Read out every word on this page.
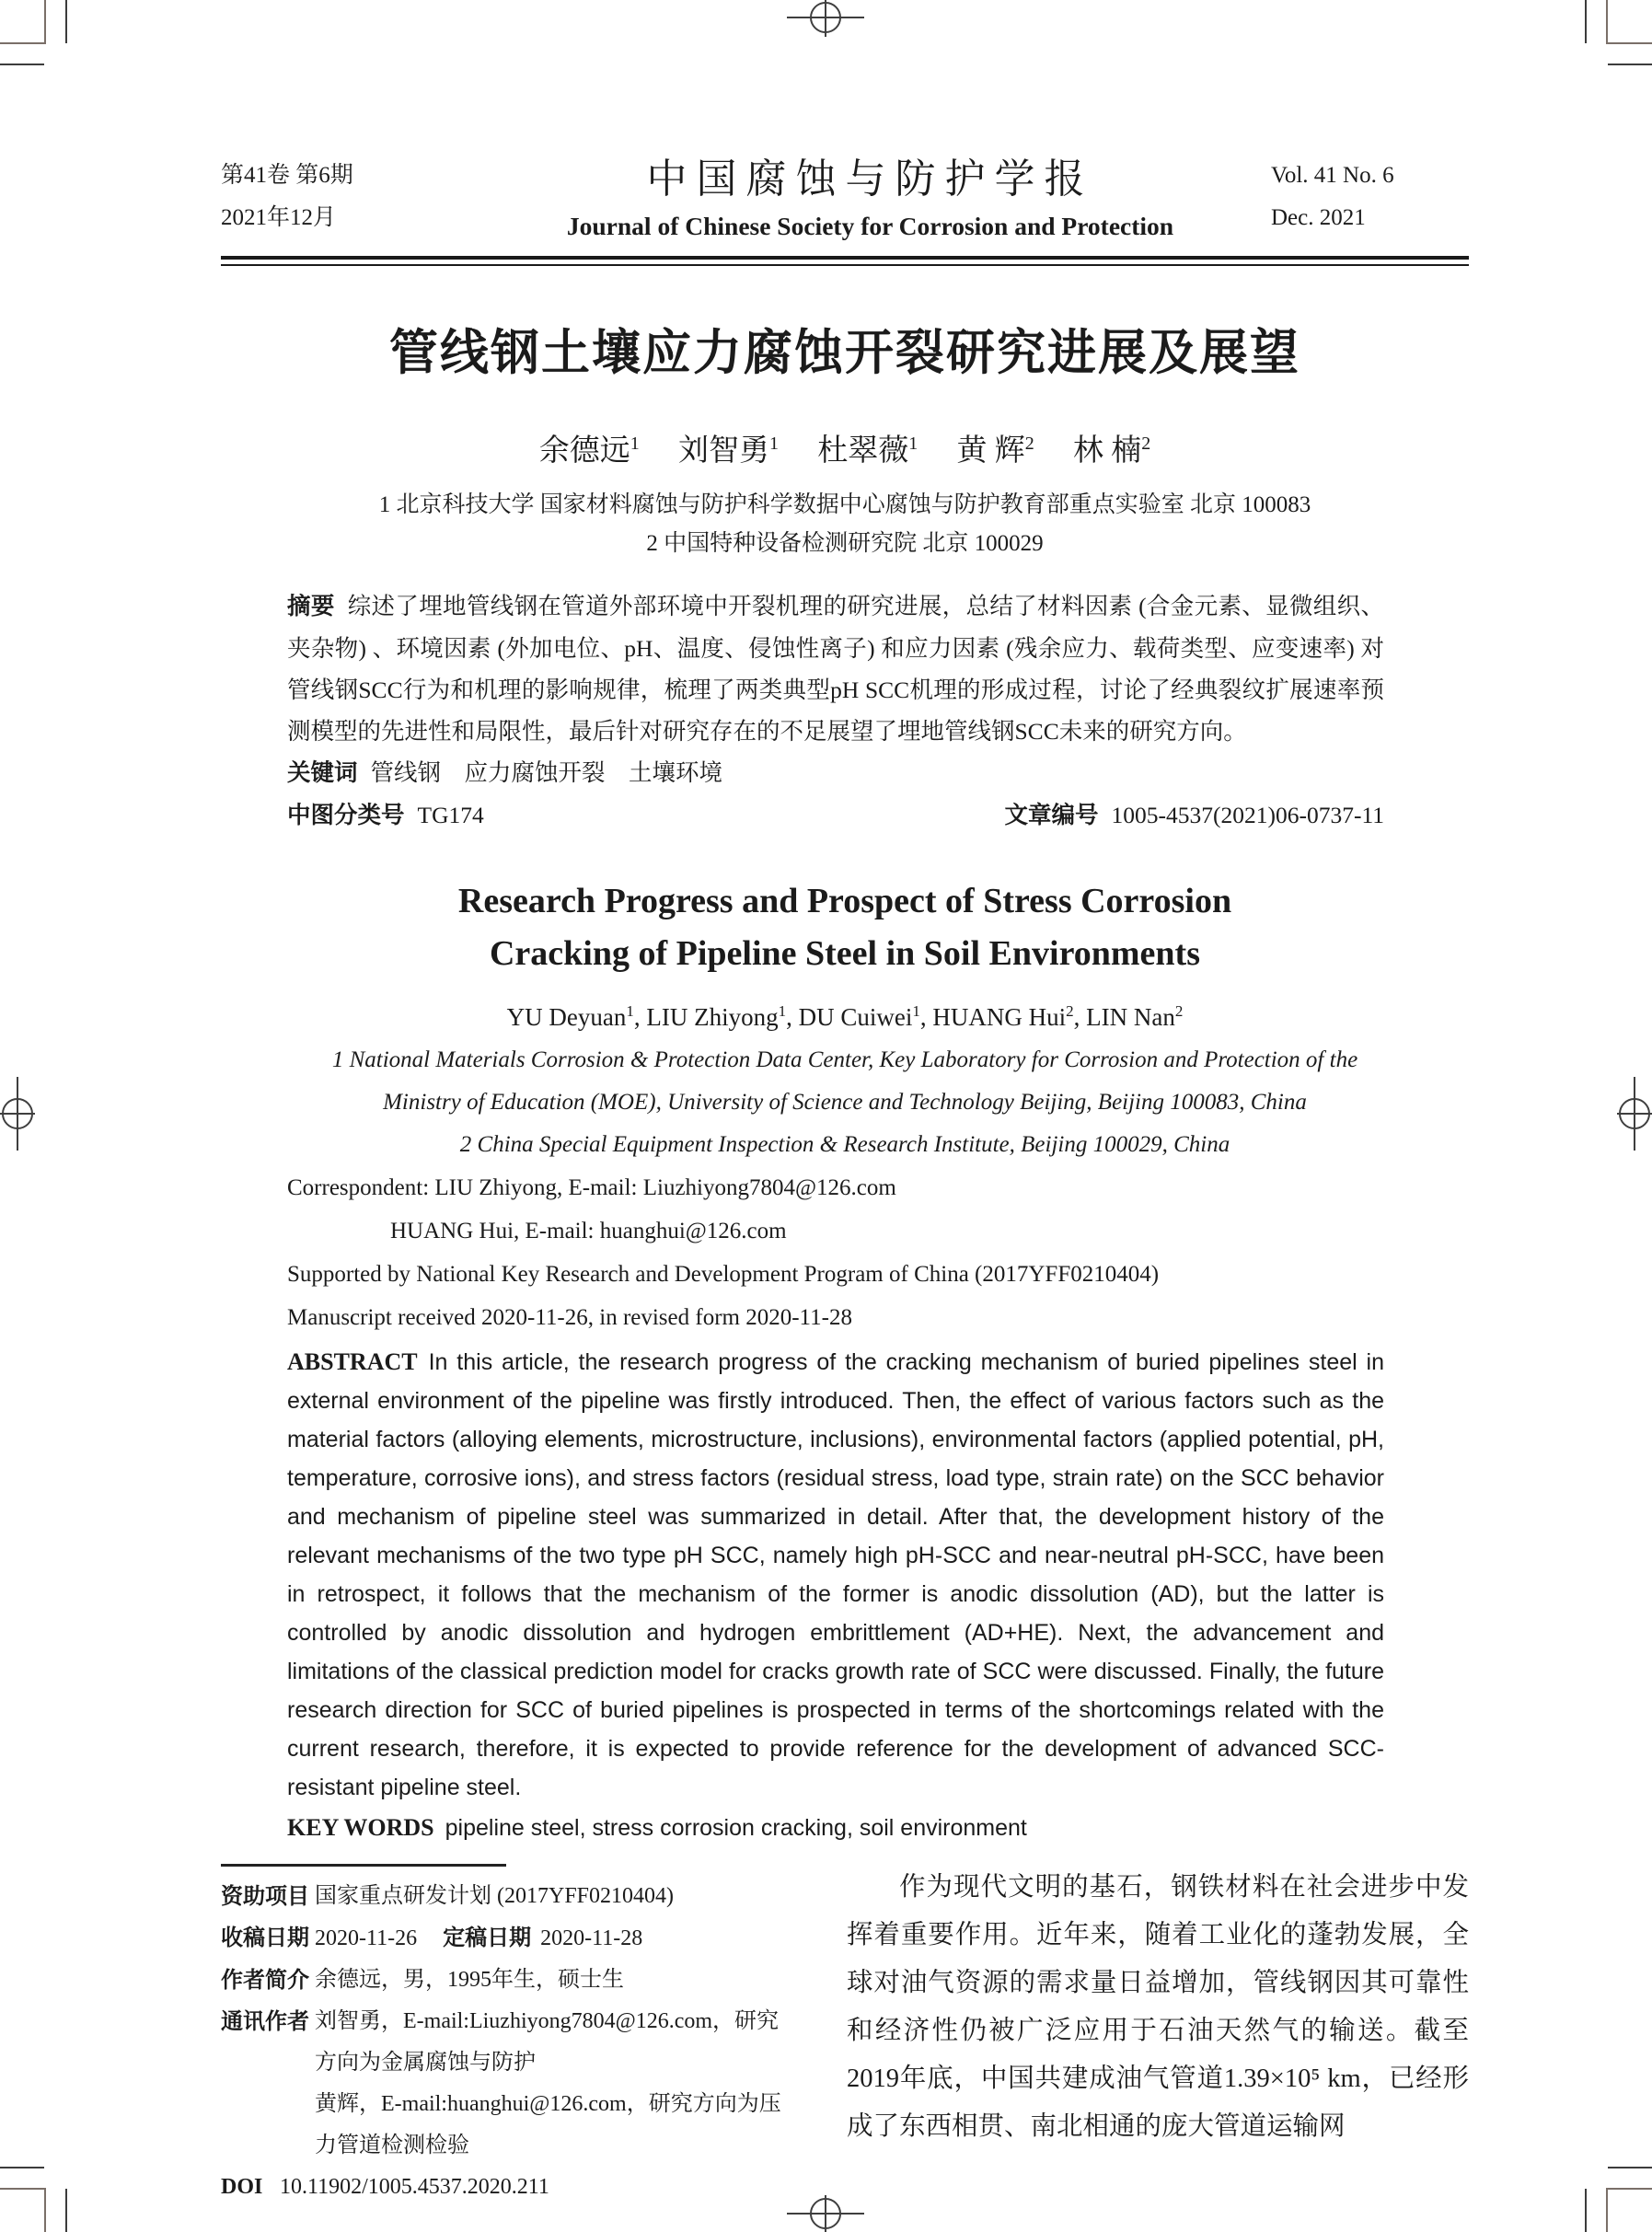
第41卷 第6期
2021年12月
中国腐蚀与防护学报
Journal of Chinese Society for Corrosion and Protection
Vol. 41 No. 6
Dec. 2021
管线钢土壤应力腐蚀开裂研究进展及展望
余德远$^1$ 刘智勇$^1$ 杜翠薇$^1$ 黄 辉$^2$ 林 楠$^2$
1 北京科技大学 国家材料腐蚀与防护科学数据中心腐蚀与防护教育部重点实验室 北京 100083
2 中国特种设备检测研究院 北京 100029

摘要 综述了埋地管线钢在管道外部环境中开裂机理的研究进展，总结了材料因素 (合金元素、显微组织、夹杂物) 、环境因素 (外加电位、pH、温度、侵蚀性离子) 和应力因素 (残余应力、载荷类型、应变速率) 对管线钢SCC行为和机理的影响规律，梳理了两类典型pH SCC机理的形成过程，讨论了经典裂纹扩展速率预测模型的先进性和局限性，最后针对研究存在的不足展望了埋地管线钢SCC未来的研究方向。

关键词 管线钢　应力腐蚀开裂　土壤环境

中图分类号 TG174	文章编号 1005-4537(2021)06-0737-11
Research Progress and Prospect of Stress Corrosion
Cracking of Pipeline Steel in Soil Environments
YU Deyuan$^1$, LIU Zhiyong$^1$, DU Cuiwei$^1$, HUANG Hui$^2$, LIN Nan$^2$
1 National Materials Corrosion & Protection Data Center, Key Laboratory for Corrosion and Protection of the
Ministry of Education (MOE), University of Science and Technology Beijing, Beijing 100083, China
2 China Special Equipment Inspection & Research Institute, Beijing 100029, China
Correspondent: LIU Zhiyong, E-mail: Liuzhiyong7804@126.com
HUANG Hui, E-mail: huanghui@126.com
Supported by National Key Research and Development Program of China (2017YFF0210404)
Manuscript received 2020-11-26, in revised form 2020-11-28

ABSTRACT In this article, the research progress of the cracking mechanism of buried pipelines steel in external environment of the pipeline was firstly introduced. Then, the effect of various factors such as the material factors (alloying elements, microstructure, inclusions), environmental factors (applied potential, pH, temperature, corrosive ions), and stress factors (residual stress, load type, strain rate) on the SCC behavior and mechanism of pipeline steel was summarized in detail. After that, the development history of the relevant mechanisms of the two type pH SCC, namely high pH-SCC and near-neutral pH-SCC, have been in retrospect, it follows that the mechanism of the former is anodic dissolution (AD), but the latter is controlled by anodic dissolution and hydrogen embrittlement (AD+HE). Next, the advancement and limitations of the classical prediction model for cracks growth rate of SCC were discussed. Finally, the future research direction for SCC of buried pipelines is prospected in terms of the shortcomings related with the current research, therefore, it is expected to provide reference for the development of advanced SCC-resistant pipeline steel.

KEY WORDS pipeline steel, stress corrosion cracking, soil environment

资助项目 国家重点研发计划 (2017YFF0210404)
收稿日期 2020-11-26 定稿日期 2020-11-28
作者简介 余德远，男，1995年生，硕士生
通讯作者 刘智勇，E-mail:Liuzhiyong7804@126.com，研究方向为金属腐蚀与防护
黄辉，E-mail:huanghui@126.com，研究方向为压力管道检测检验
DOI 10.11902/1005.4537.2020.211

作为现代文明的基石，钢铁材料在社会进步中发挥着重要作用。近年来，随着工业化的蓬勃发展，全球对油气资源的需求量日益增加，管线钢因其可靠性和经济性仍被广泛应用于石油天然气的输送。截至2019年底，中国共建成油气管道1.39×10⁵ km，已经形成了东西相贯、南北相通的庞大管道运输网
